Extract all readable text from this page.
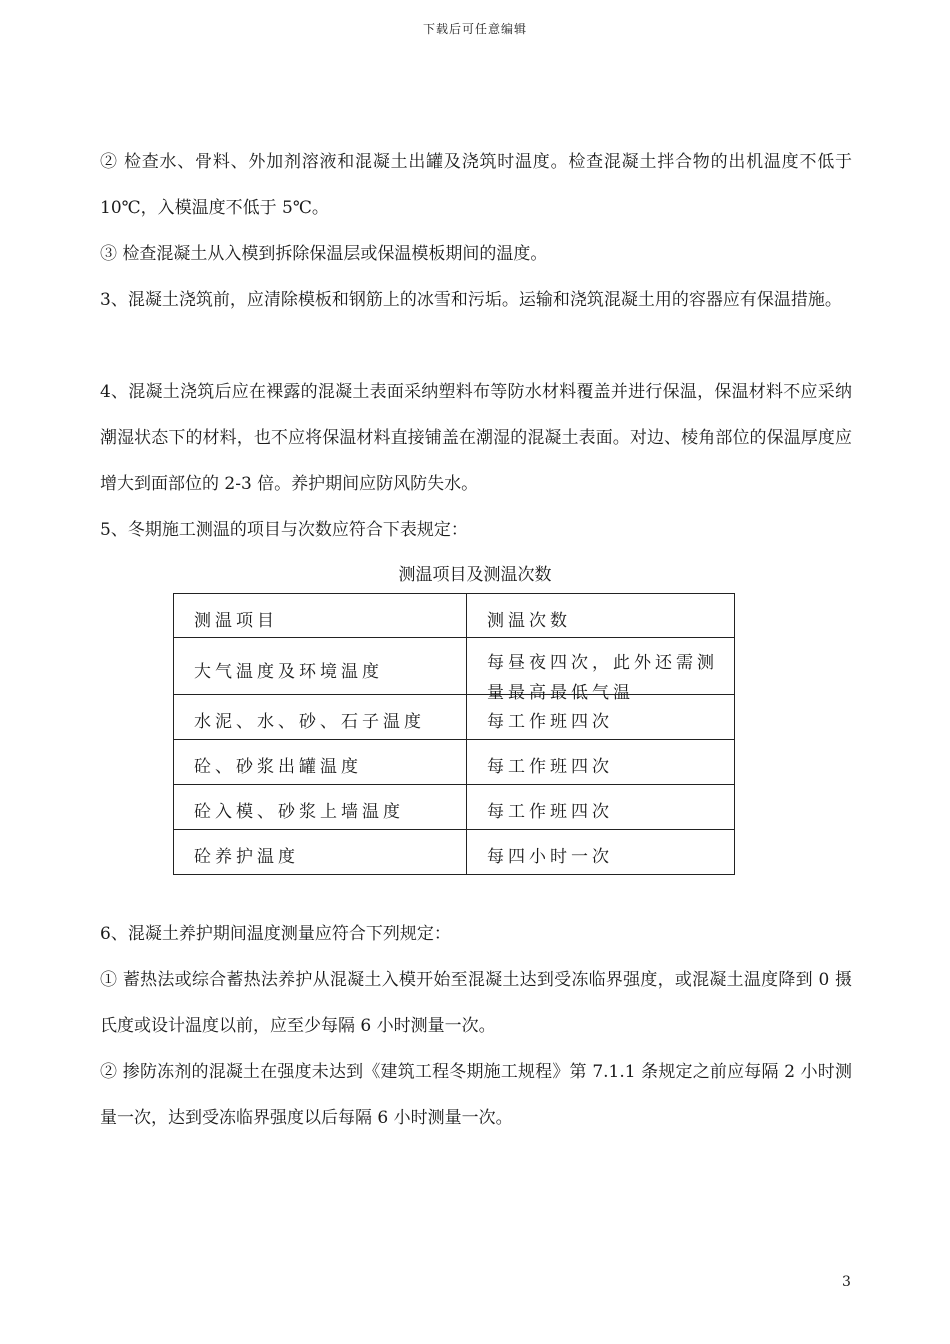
下载后可任意编辑

② 检查水、骨料、外加剂溶液和混凝土出罐及浇筑时温度。检查混凝土拌合物的出机温度不低于 10℃，入模温度不低于 5℃。

③ 检查混凝土从入模到拆除保温层或保温模板期间的温度。

3、混凝土浇筑前，应清除模板和钢筋上的冰雪和污垢。运输和浇筑混凝土用的容器应有保温措施。

4、混凝土浇筑后应在裸露的混凝土表面采纳塑料布等防水材料覆盖并进行保温，保温材料不应采纳潮湿状态下的材料，也不应将保温材料直接铺盖在潮湿的混凝土表面。对边、棱角部位的保温厚度应增大到面部位的 2-3 倍。养护期间应防风防失水。

5、冬期施工测温的项目与次数应符合下表规定：

测温项目及测温次数
测温项目	测温次数
大气温度及环境温度	每昼夜四次，此外还需测量最高最低气温

水泥、水、砂、石子温度	每工作班四次
砼、砂浆出罐温度	每工作班四次
砼入模、砂浆上墙温度	每工作班四次
砼养护温度	每四小时一次

6、混凝土养护期间温度测量应符合下列规定：

① 蓄热法或综合蓄热法养护从混凝土入模开始至混凝土达到受冻临界强度，或混凝土温度降到 0 摄氏度或设计温度以前，应至少每隔 6 小时测量一次。

② 掺防冻剂的混凝土在强度未达到《建筑工程冬期施工规程》第 7.1.1 条规定之前应每隔 2 小时测量一次，达到受冻临界强度以后每隔 6 小时测量一次。

3
